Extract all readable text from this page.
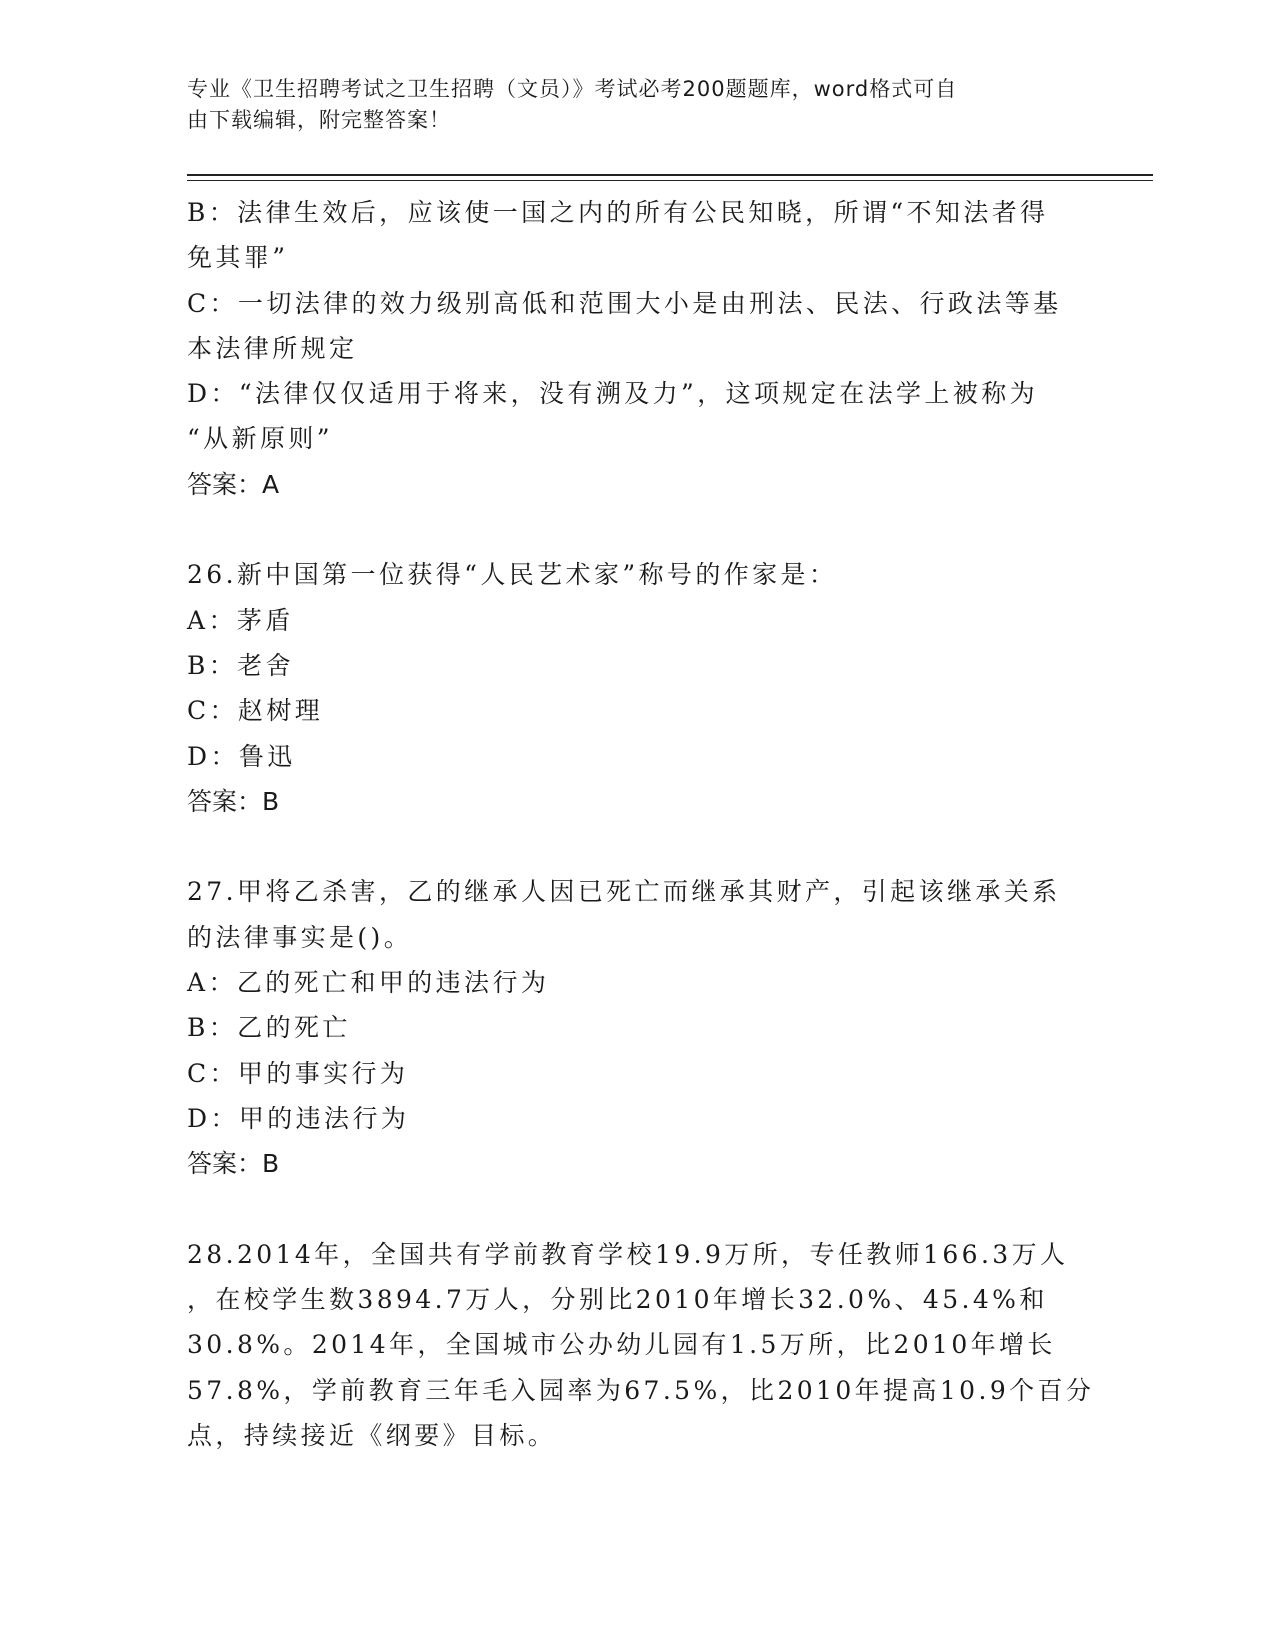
专业《卫生招聘考试之卫生招聘（文员）》考试必考200题题库，word格式可自
由下载编辑，附完整答案！
B：法律生效后，应该使一国之内的所有公民知晓，所谓“不知法者得
免其罪”
C：一切法律的效力级别高低和范围大小是由刑法、民法、行政法等基
本法律所规定
D：“法律仅仅适用于将来，没有溯及力”，这项规定在法学上被称为
“从新原则”
答案：A
26.新中国第一位获得“人民艺术家”称号的作家是：
A：茅盾
B：老舍
C：赵树理
D：鲁迅
答案：B
27.甲将乙杀害，乙的继承人因已死亡而继承其财产，引起该继承关系
的法律事实是()。
A：乙的死亡和甲的违法行为
B：乙的死亡
C：甲的事实行为
D：甲的违法行为
答案：B
28.2014年，全国共有学前教育学校19.9万所，专任教师166.3万人
，在校学生数3894.7万人，分别比2010年增长32.0%、45.4%和
30.8%。2014年，全国城市公办幼儿园有1.5万所，比2010年增长
57.8%，学前教育三年毛入园率为67.5%，比2010年提高10.9个百分
点，持续接近《纲要》目标。
